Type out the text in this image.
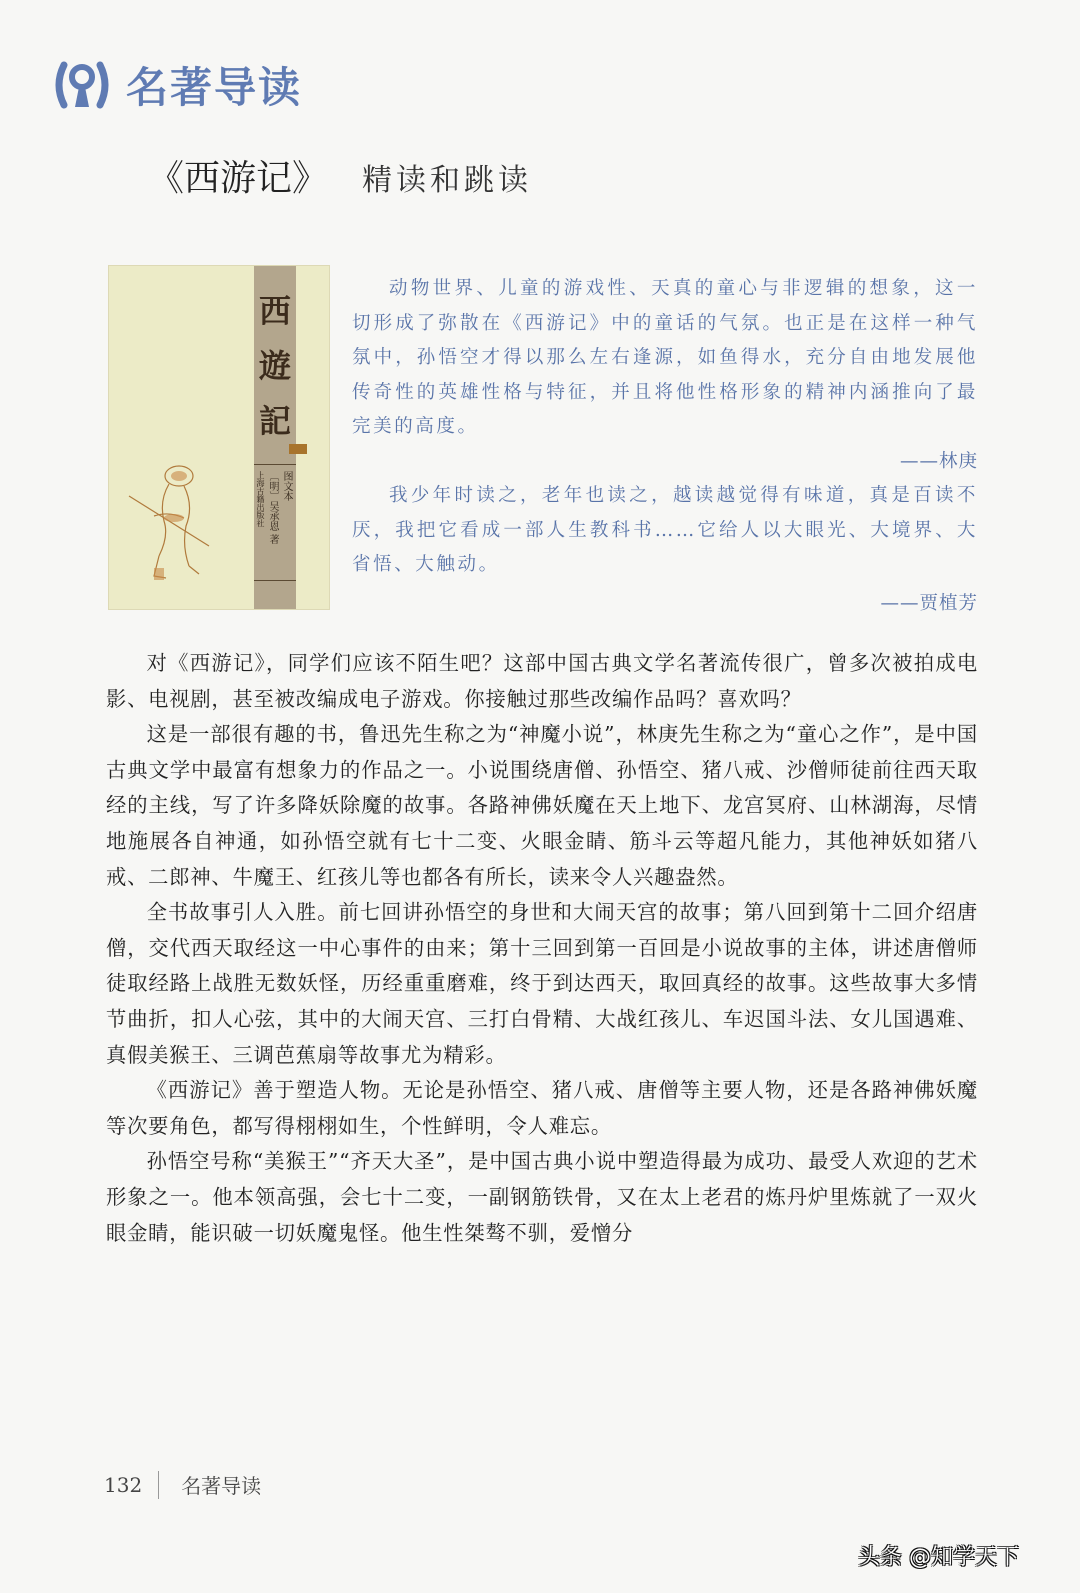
名著导读
《西游记》 精读和跳读
西
遊
記
图文本
〔明〕吴承恩 著
上海古籍出版社

动物世界、儿童的游戏性、天真的童心与非逻辑的想象，这一切形成了弥散在《西游记》中的童话的气氛。也正是在这样一种气氛中，孙悟空才得以那么左右逢源，如鱼得水，充分自由地发展他传奇性的英雄性格与特征，并且将他性格形象的精神内涵推向了最完美的高度。

——林庚

我少年时读之，老年也读之，越读越觉得有味道，真是百读不厌，我把它看成一部人生教科书……它给人以大眼光、大境界、大省悟、大触动。

——贾植芳

对《西游记》，同学们应该不陌生吧？这部中国古典文学名著流传很广，曾多次被拍成电影、电视剧，甚至被改编成电子游戏。你接触过那些改编作品吗？喜欢吗？

这是一部很有趣的书，鲁迅先生称之为“神魔小说”，林庚先生称之为“童心之作”，是中国古典文学中最富有想象力的作品之一。小说围绕唐僧、孙悟空、猪八戒、沙僧师徒前往西天取经的主线，写了许多降妖除魔的故事。各路神佛妖魔在天上地下、龙宫冥府、山林湖海，尽情地施展各自神通，如孙悟空就有七十二变、火眼金睛、筋斗云等超凡能力，其他神妖如猪八戒、二郎神、牛魔王、红孩儿等也都各有所长，读来令人兴趣盎然。

全书故事引人入胜。前七回讲孙悟空的身世和大闹天宫的故事；第八回到第十二回介绍唐僧，交代西天取经这一中心事件的由来；第十三回到第一百回是小说故事的主体，讲述唐僧师徒取经路上战胜无数妖怪，历经重重磨难，终于到达西天，取回真经的故事。这些故事大多情节曲折，扣人心弦，其中的大闹天宫、三打白骨精、大战红孩儿、车迟国斗法、女儿国遇难、真假美猴王、三调芭蕉扇等故事尤为精彩。

《西游记》善于塑造人物。无论是孙悟空、猪八戒、唐僧等主要人物，还是各路神佛妖魔等次要角色，都写得栩栩如生，个性鲜明，令人难忘。

孙悟空号称“美猴王”“齐天大圣”，是中国古典小说中塑造得最为成功、最受人欢迎的艺术形象之一。他本领高强，会七十二变，一副钢筋铁骨，又在太上老君的炼丹炉里炼就了一双火眼金睛，能识破一切妖魔鬼怪。他生性桀骜不驯，爱憎分

132 名著导读
头条 @知学天下
